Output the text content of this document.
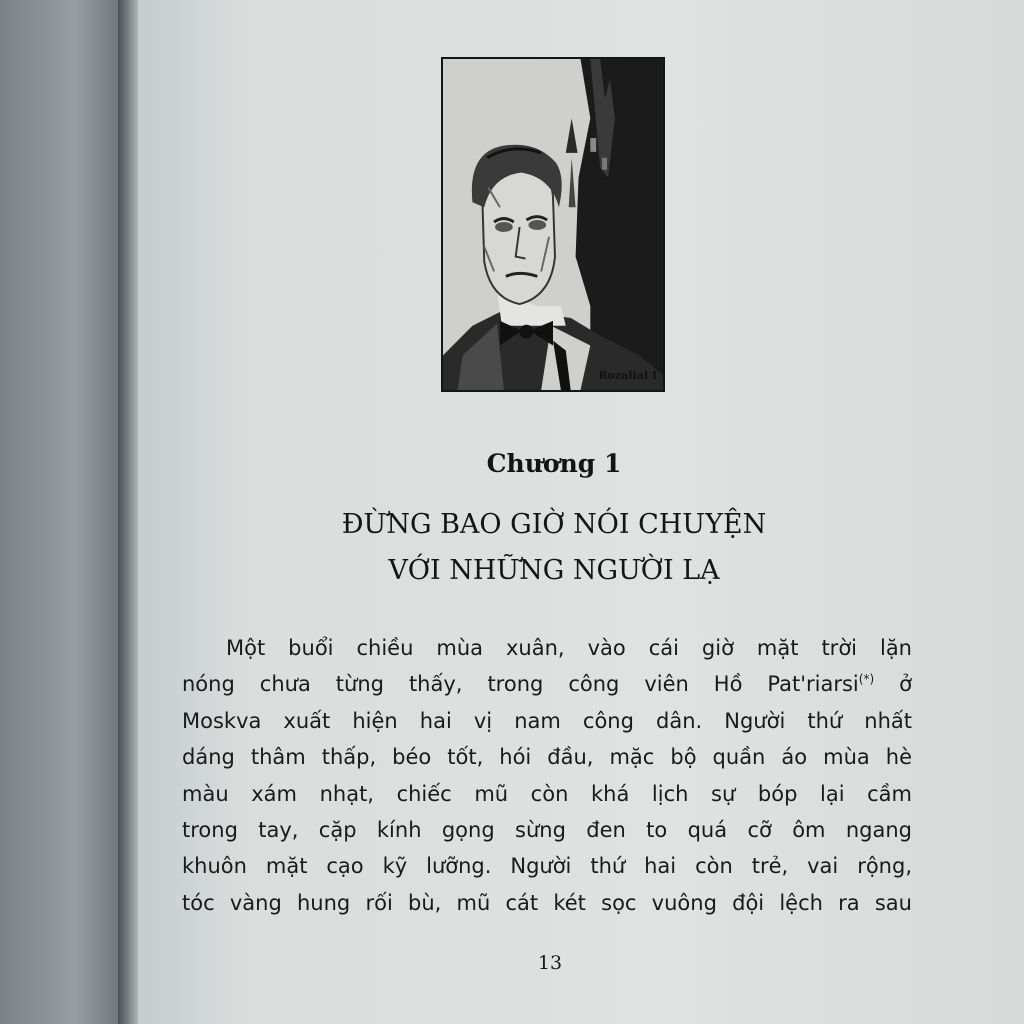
Rozalial I
Chương 1
ĐỪNG BAO GIỜ NÓI CHUYỆN
VỚI NHỮNG NGƯỜI LẠ
Một buổi chiều mùa xuân, vào cái giờ mặt trời lặn
nóng chưa từng thấy, trong công viên Hồ Pat'riarsi(*) ở
Moskva xuất hiện hai vị nam công dân. Người thứ nhất
dáng thâm thấp, béo tốt, hói đầu, mặc bộ quần áo mùa hè
màu xám nhạt, chiếc mũ còn khá lịch sự bóp lại cầm
trong tay, cặp kính gọng sừng đen to quá cỡ ôm ngang
khuôn mặt cạo kỹ lưỡng. Người thứ hai còn trẻ, vai rộng,
tóc vàng hung rối bù, mũ cát két sọc vuông đội lệch ra sau
13
